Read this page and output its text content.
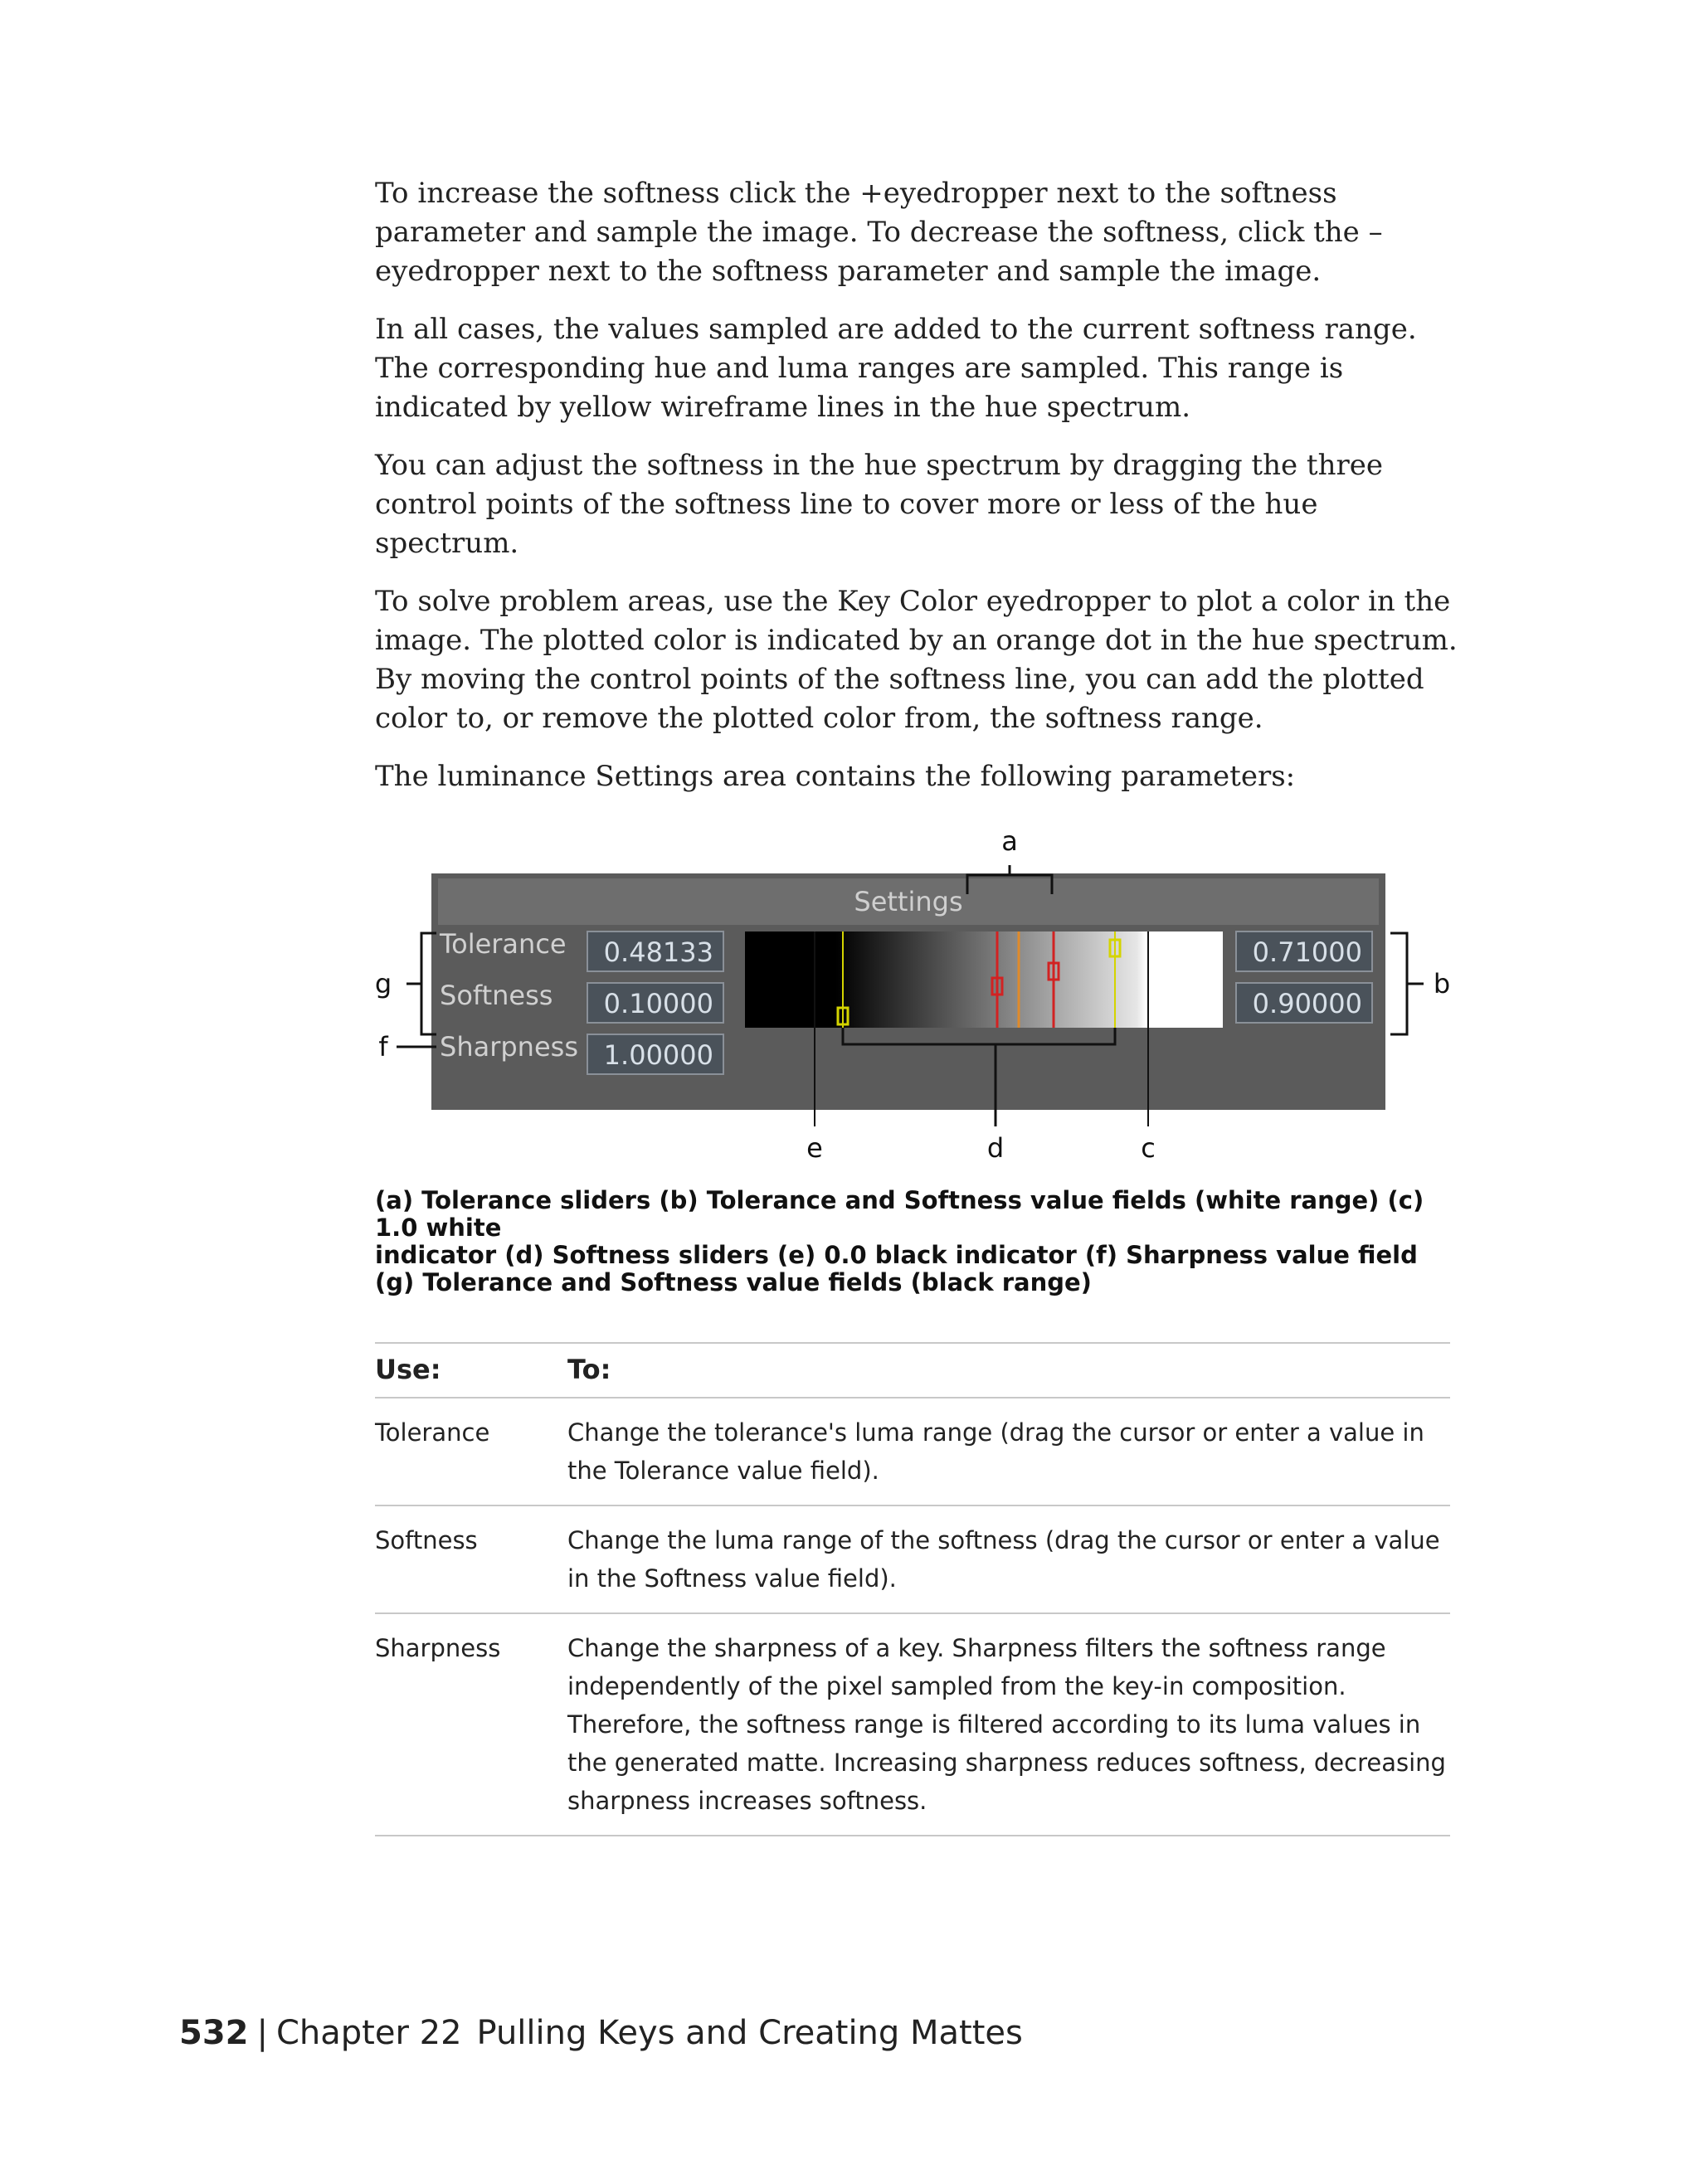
To increase the softness click the +eyedropper next to the softness parameter and sample the image. To decrease the softness, click the – eyedropper next to the softness parameter and sample the image.

In all cases, the values sampled are added to the current softness range. The corresponding hue and luma ranges are sampled. This range is indicated by yellow wireframe lines in the hue spectrum.

You can adjust the softness in the hue spectrum by dragging the three control points of the softness line to cover more or less of the hue spectrum.

To solve problem areas, use the Key Color eyedropper to plot a color in the image. The plotted color is indicated by an orange dot in the hue spectrum. By moving the control points of the softness line, you can add the plotted color to, or remove the plotted color from, the softness range.

The luminance Settings area contains the following parameters:

Settings
Tolerance
Softness
Sharpness
0.48133
0.10000
1.00000
0.71000
0.90000
a
b
g
f
e	d	c

(a) Tolerance sliders (b) Tolerance and Softness value fields (white range) (c) 1.0 white
indicator (d) Softness sliders (e) 0.0 black indicator (f) Sharpness value field
(g) Tolerance and Softness value fields (black range)

Use:	To:
Tolerance	Change the tolerance's luma range (drag the cursor or enter a value in the Tolerance value field).
Softness	Change the luma range of the softness (drag the cursor or enter a value in the Softness value field).
Sharpness	Change the sharpness of a key. Sharpness filters the softness range independently of the pixel sampled from the key-in composition. Therefore, the softness range is filtered according to its luma values in the generated matte. Increasing sharpness reduces softness, decreasing sharpness increases softness.
532 | Chapter 22 Pulling Keys and Creating Mattes
